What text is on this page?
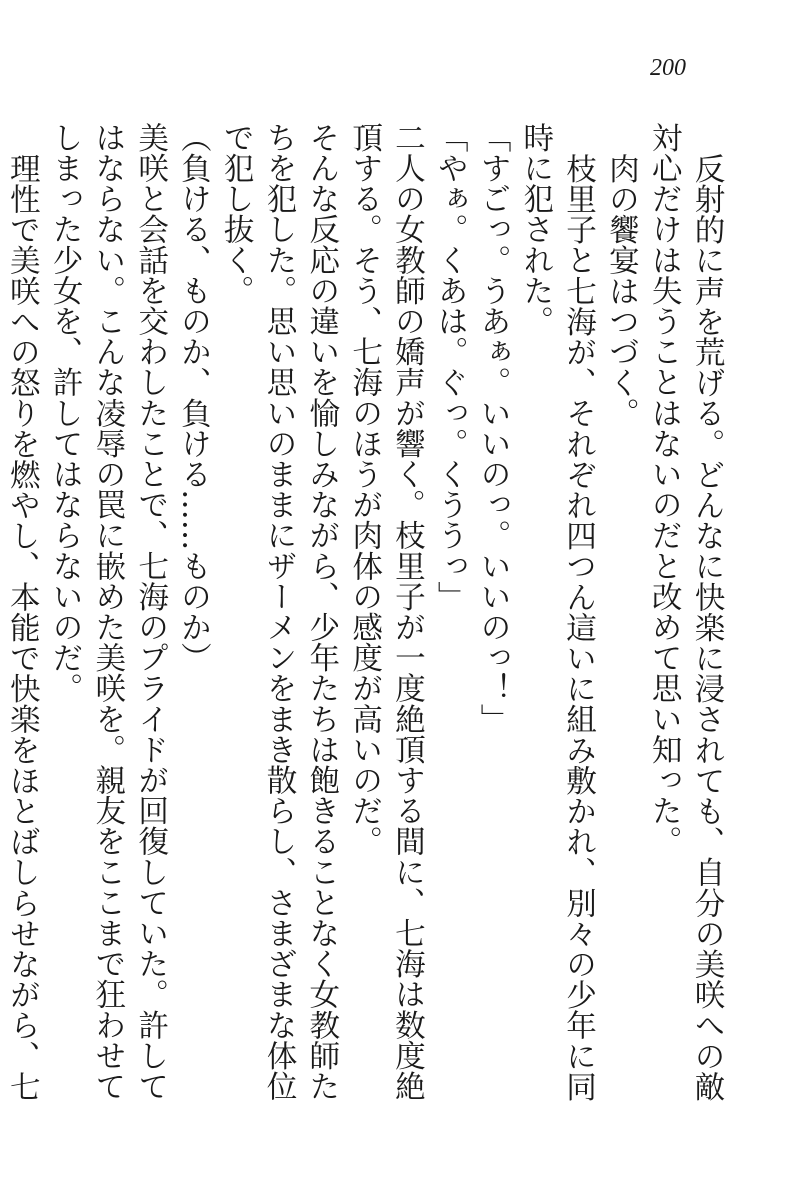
200

反射的に声を荒げる。どんなに快楽に浸されても、自分の美咲への敵対心だけは失うことはないのだと改めて思い知った。

肉の饗宴はつづく。

枝里子と七海が、それぞれ四つん這いに組み敷かれ、別々の少年に同時に犯された。

「すごっ。うあぁ。いいのっ。いいのっ！」

「やぁ。くあは。ぐっ。くううっ」

二人の女教師の嬌声が響く。枝里子が一度絶頂する間に、七海は数度絶頂する。そう、七海のほうが肉体の感度が高いのだ。

そんな反応の違いを愉しみながら、少年たちは飽きることなく女教師たちを犯した。思い思いのままにザーメンをまき散らし、さまざまな体位で犯し抜く。

（負ける、ものか、負ける……ものか）

美咲と会話を交わしたことで、七海のプライドが回復していた。許してはならない。こんな凌辱の罠に嵌めた美咲を。親友をここまで狂わせてしまった少女を、許してはならないのだ。

理性で美咲への怒りを燃やし、本能で快楽をほとばしらせながら、七
